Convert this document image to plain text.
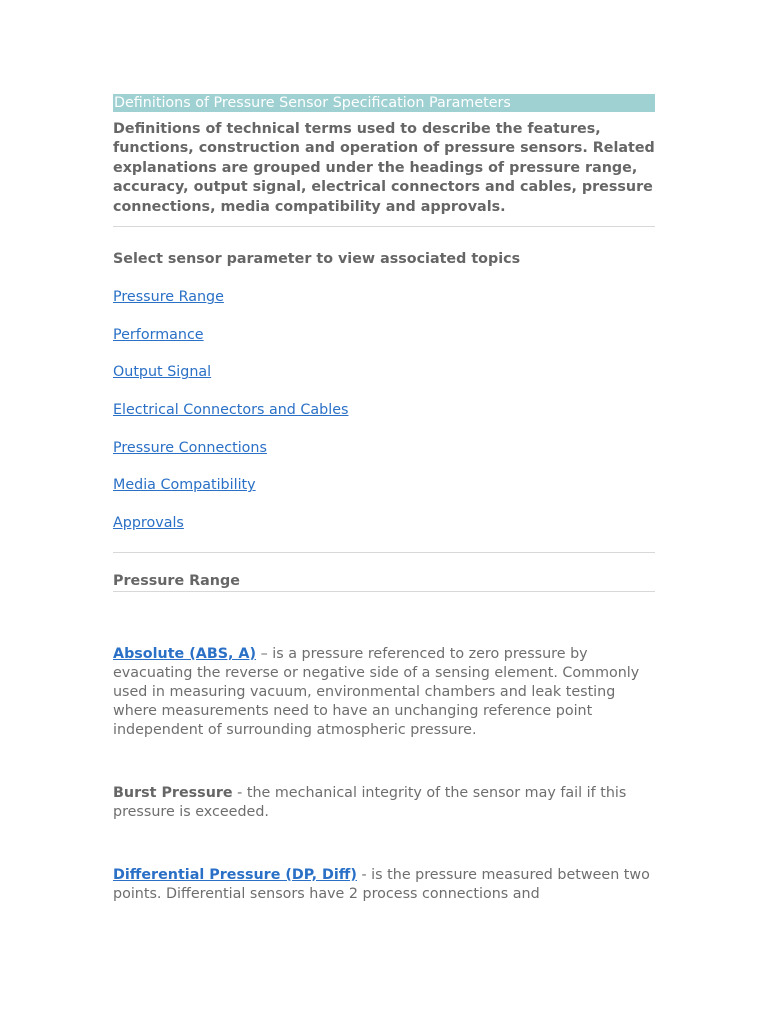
Definitions of Pressure Sensor Specification Parameters
Definitions of technical terms used to describe the features, functions, construction and operation of pressure sensors. Related explanations are grouped under the headings of pressure range, accuracy, output signal, electrical connectors and cables, pressure connections, media compatibility and approvals.
Select sensor parameter to view associated topics
Pressure Range
Performance
Output Signal
Electrical Connectors and Cables
Pressure Connections
Media Compatibility
Approvals
Pressure Range
Absolute (ABS, A) – is a pressure referenced to zero pressure by evacuating the reverse or negative side of a sensing element. Commonly used in measuring vacuum, environmental chambers and leak testing where measurements need to have an unchanging reference point independent of surrounding atmospheric pressure.
Burst Pressure - the mechanical integrity of the sensor may fail if this pressure is exceeded.
Differential Pressure (DP, Diff) - is the pressure measured between two points. Differential sensors have 2 process connections and
